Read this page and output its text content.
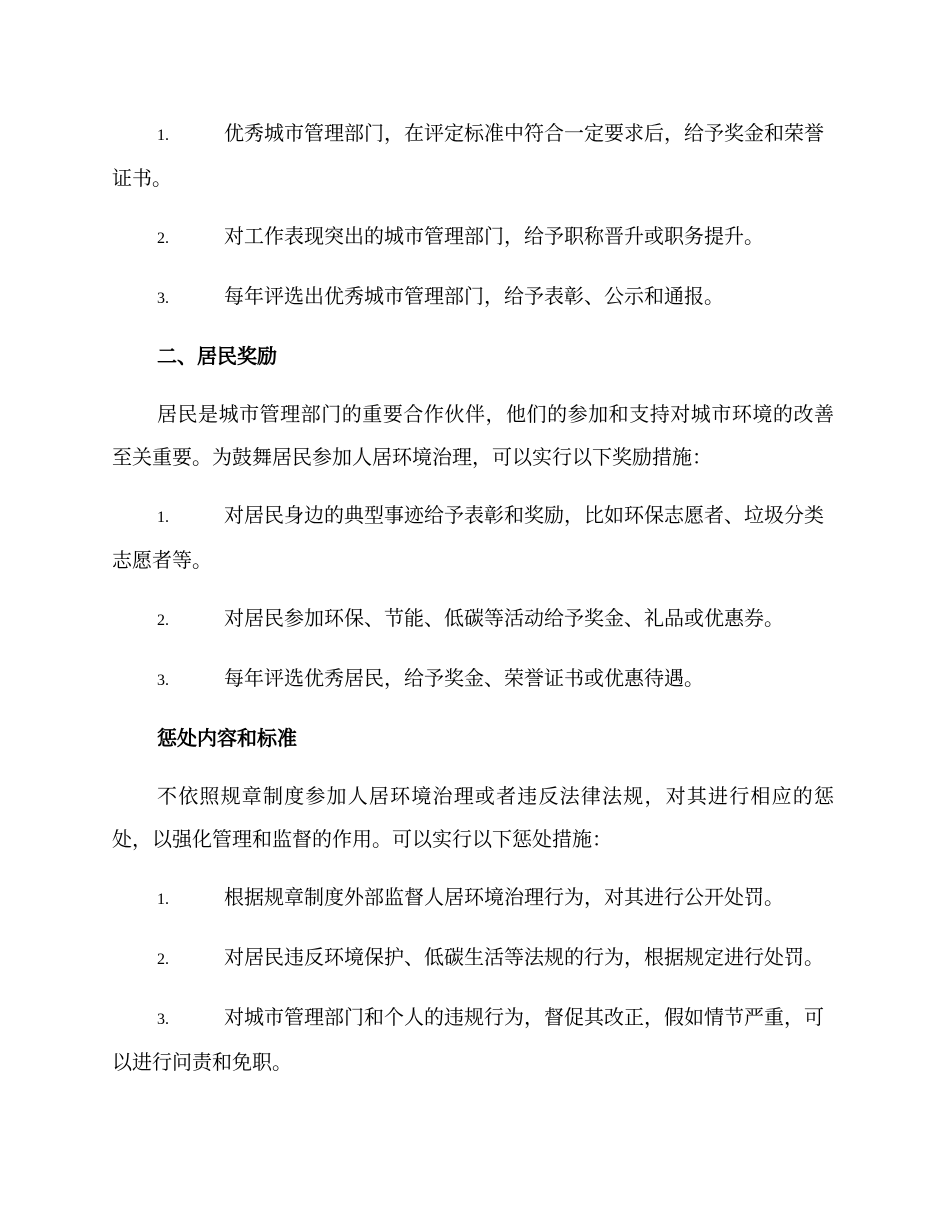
1.	优秀城市管理部门，在评定标准中符合一定要求后，给予奖金和荣誉证书。
2.	对工作表现突出的城市管理部门，给予职称晋升或职务提升。
3.	每年评选出优秀城市管理部门，给予表彰、公示和通报。
二、居民奖励
居民是城市管理部门的重要合作伙伴，他们的参加和支持对城市环境的改善至关重要。为鼓舞居民参加人居环境治理，可以实行以下奖励措施：
1.	对居民身边的典型事迹给予表彰和奖励，比如环保志愿者、垃圾分类志愿者等。
2.	对居民参加环保、节能、低碳等活动给予奖金、礼品或优惠券。
3.	每年评选优秀居民，给予奖金、荣誉证书或优惠待遇。
惩处内容和标准
不依照规章制度参加人居环境治理或者违反法律法规，对其进行相应的惩处，以强化管理和监督的作用。可以实行以下惩处措施：
1.	根据规章制度外部监督人居环境治理行为，对其进行公开处罚。
2.	对居民违反环境保护、低碳生活等法规的行为，根据规定进行处罚。
3.	对城市管理部门和个人的违规行为，督促其改正，假如情节严重，可以进行问责和免职。
